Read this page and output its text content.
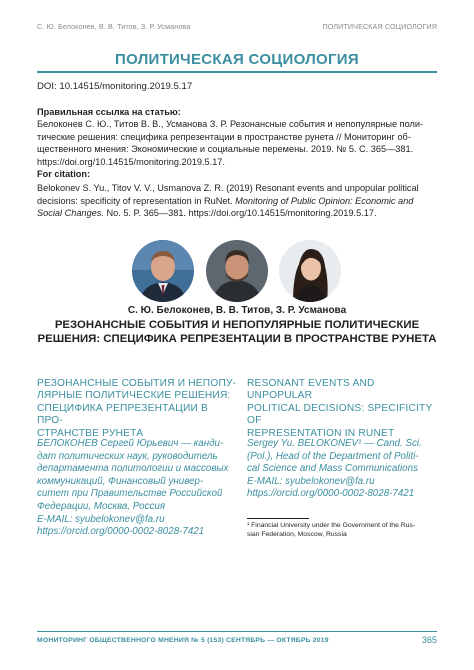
С. Ю. Белоконев, В. В. Титов, З. Р. Усманова	ПОЛИТИЧЕСКАЯ СОЦИОЛОГИЯ
ПОЛИТИЧЕСКАЯ СОЦИОЛОГИЯ
DOI: 10.14515/monitoring.2019.5.17
Правильная ссылка на статью:
Белоконев С. Ю., Титов В. В., Усманова З. Р. Резонансные события и непопулярные поли-
тические решения: специфика репрезентации в пространстве рунета // Мониторинг об-
щественного мнения: Экономические и социальные перемены. 2019. № 5. С. 365—381.
https://doi.org/10.14515/monitoring.2019.5.17.
For citation:
Belokonev S. Yu., Titov V. V., Usmanova Z. R. (2019) Resonant events and unpopular political
decisions: specificity of representation in RuNet. Monitoring of Public Opinion: Economic and
Social Changes. No. 5. P. 365—381. https://doi.org/10.14515/monitoring.2019.5.17.
С. Ю. Белоконев, В. В. Титов, З. Р. Усманова
РЕЗОНАНСНЫЕ СОБЫТИЯ И НЕПОПУЛЯРНЫЕ ПОЛИТИЧЕСКИЕ
РЕШЕНИЯ: СПЕЦИФИКА РЕПРЕЗЕНТАЦИИ В ПРОСТРАНСТВЕ РУНЕТА
РЕЗОНАНСНЫЕ СОБЫТИЯ И НЕПОПУ-
ЛЯРНЫЕ ПОЛИТИЧЕСКИЕ РЕШЕНИЯ:
СПЕЦИФИКА РЕПРЕЗЕНТАЦИИ В ПРО-
СТРАНСТВЕ РУНЕТА
БЕЛОКОНЕВ Сергей Юрьевич — канди-
дат политических наук, руководитель
департамента политологии и массовых
коммуникаций, Финансовый универ-
ситет при Правительстве Российской
Федерации, Москва, Россия
E-MAIL: syubelokonev@fa.ru
https://orcid.org/0000-0002-8028-7421
RESONANT EVENTS AND UNPOPULAR
POLITICAL DECISIONS: SPECIFICITY OF
REPRESENTATION IN RUNET
Sergey Yu. BELOKONEV¹ — Cand. Sci.
(Pol.), Head of the Department of Politi-
cal Science and Mass Communications
E-MAIL: syubelokonev@fa.ru
https://orcid.org/0000-0002-8028-7421
¹ Financial University under the Government of the Rus-
sian Federation, Moscow, Russia
МОНИТОРИНГ ОБЩЕСТВЕННОГО МНЕНИЯ № 5 (153) СЕНТЯБРЬ — ОКТЯБРЬ 2019	365
